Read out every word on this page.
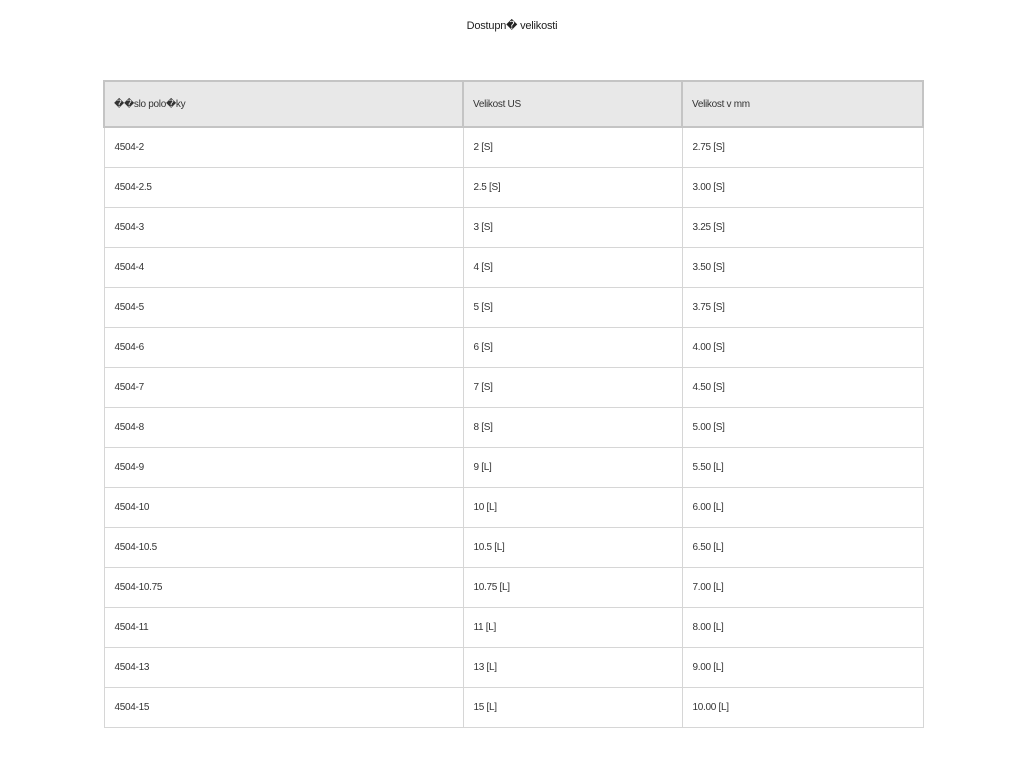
Dostupn� velikosti
��slo polo�ky	Velikost US	Velikost v mm
4504-2	2 [S]	2.75 [S]
4504-2.5	2.5 [S]	3.00 [S]
4504-3	3 [S]	3.25 [S]
4504-4	4 [S]	3.50 [S]
4504-5	5 [S]	3.75 [S]
4504-6	6 [S]	4.00 [S]
4504-7	7 [S]	4.50 [S]
4504-8	8 [S]	5.00 [S]
4504-9	9 [L]	5.50 [L]
4504-10	10 [L]	6.00 [L]
4504-10.5	10.5 [L]	6.50 [L]
4504-10.75	10.75 [L]	7.00 [L]
4504-11	11 [L]	8.00 [L]
4504-13	13 [L]	9.00 [L]
4504-15	15 [L]	10.00 [L]
